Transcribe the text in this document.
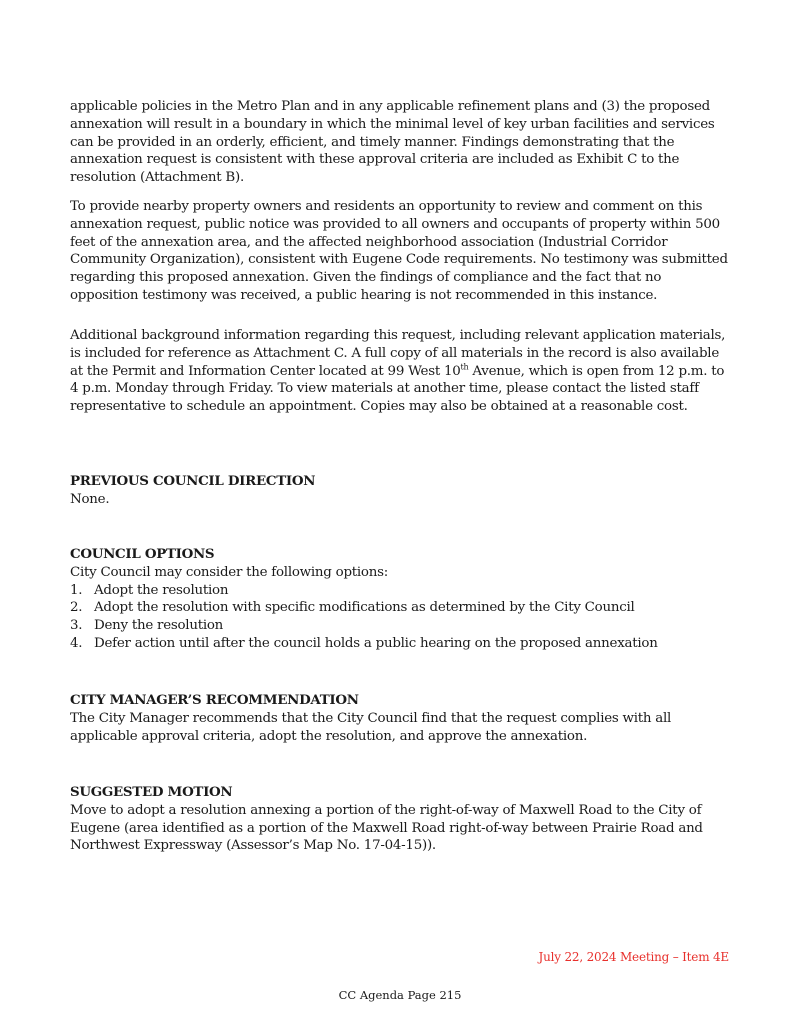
applicable policies in the Metro Plan and in any applicable refinement plans and (3) the proposed annexation will result in a boundary in which the minimal level of key urban facilities and services can be provided in an orderly, efficient, and timely manner. Findings demonstrating that the annexation request is consistent with these approval criteria are included as Exhibit C to the resolution (Attachment B).

To provide nearby property owners and residents an opportunity to review and comment on this annexation request, public notice was provided to all owners and occupants of property within 500 feet of the annexation area, and the affected neighborhood association (Industrial Corridor Community Organization), consistent with Eugene Code requirements. No testimony was submitted regarding this proposed annexation. Given the findings of compliance and the fact that no opposition testimony was received, a public hearing is not recommended in this instance.

Additional background information regarding this request, including relevant application materials, is included for reference as Attachment C. A full copy of all materials in the record is also available at the Permit and Information Center located at 99 West 10th Avenue, which is open from 12 p.m. to 4 p.m. Monday through Friday. To view materials at another time, please contact the listed staff representative to schedule an appointment. Copies may also be obtained at a reasonable cost.

PREVIOUS COUNCIL DIRECTION

None.

COUNCIL OPTIONS

City Council may consider the following options:

1. Adopt the resolution
2. Adopt the resolution with specific modifications as determined by the City Council
3. Deny the resolution
4. Defer action until after the council holds a public hearing on the proposed annexation
CITY MANAGER’S RECOMMENDATION

The City Manager recommends that the City Council find that the request complies with all applicable approval criteria, adopt the resolution, and approve the annexation.

SUGGESTED MOTION

Move to adopt a resolution annexing a portion of the right-of-way of Maxwell Road to the City of Eugene (area identified as a portion of the Maxwell Road right-of-way between Prairie Road and Northwest Expressway (Assessor’s Map No. 17-04-15)).

July 22, 2024 Meeting – Item 4E
CC Agenda Page 215
